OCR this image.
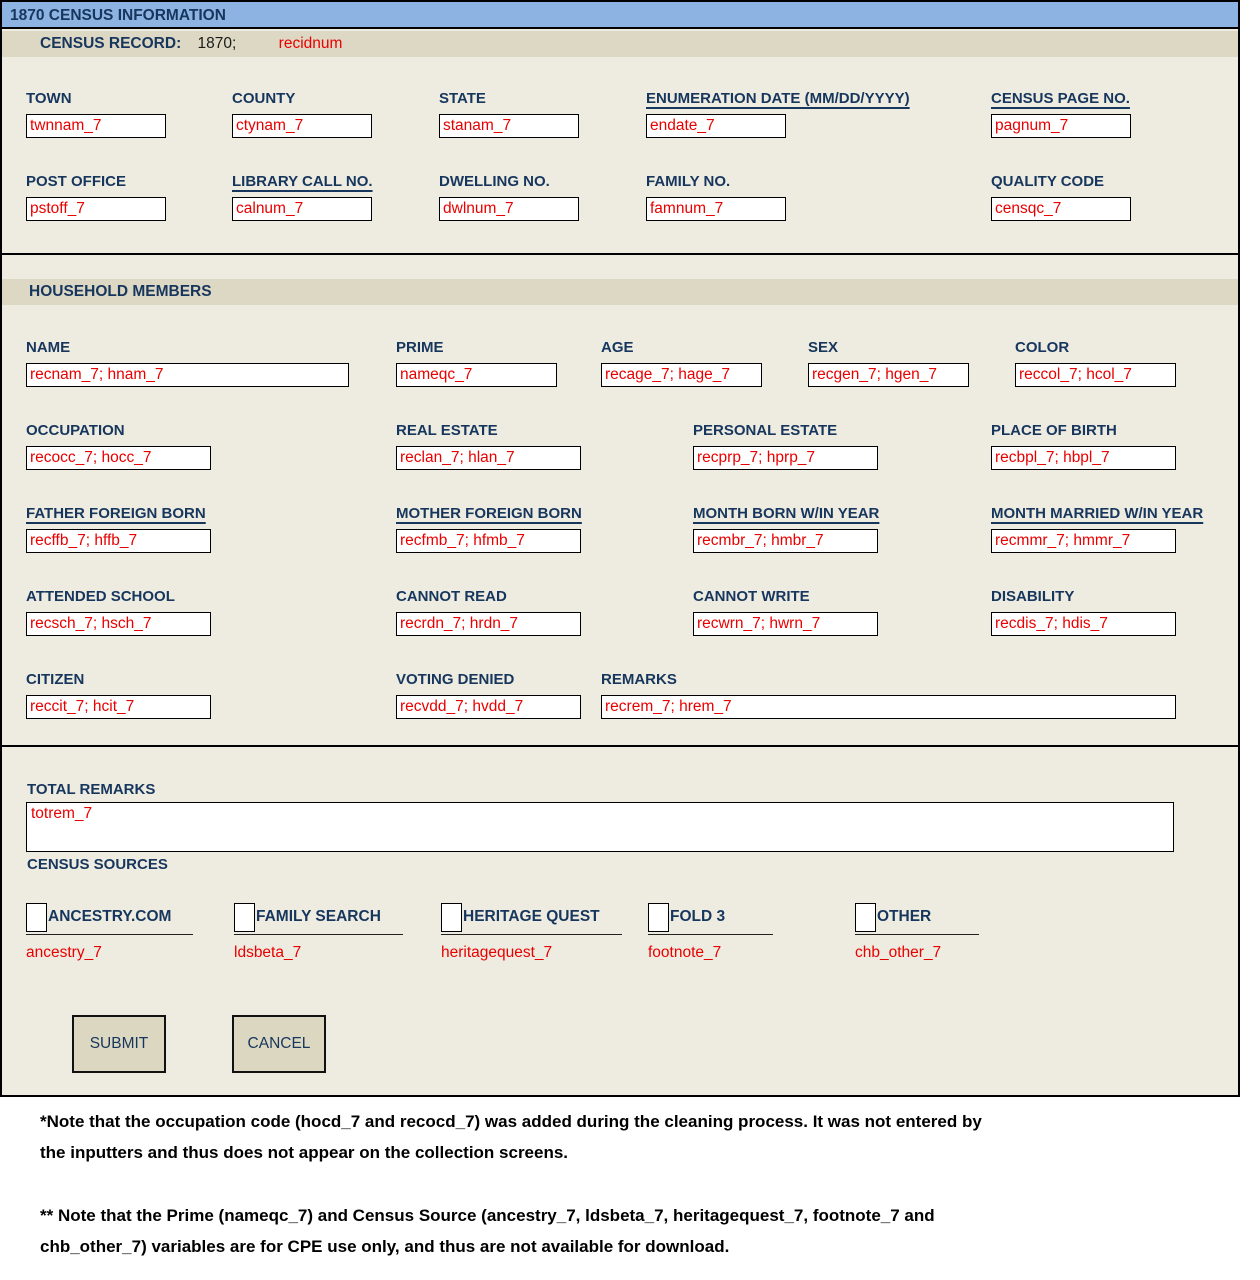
1870 CENSUS INFORMATION
CENSUS RECORD: 1870;	recidnum
TOWN
twnnam_7
COUNTY
ctynam_7
STATE
stanam_7
ENUMERATION DATE (MM/DD/YYYY)
endate_7
CENSUS PAGE NO.
pagnum_7
POST OFFICE
pstoff_7
LIBRARY CALL NO.
calnum_7
DWELLING NO.
dwlnum_7
FAMILY NO.
famnum_7
QUALITY CODE
censqc_7
HOUSEHOLD MEMBERS
NAME
recnam_7; hnam_7
PRIME
nameqc_7
AGE
recage_7; hage_7
SEX
recgen_7; hgen_7
COLOR
reccol_7; hcol_7
OCCUPATION
recocc_7; hocc_7
REAL ESTATE
reclan_7; hlan_7
PERSONAL ESTATE
recprp_7; hprp_7
PLACE OF BIRTH
recbpl_7; hbpl_7
FATHER FOREIGN BORN
recffb_7; hffb_7
MOTHER FOREIGN BORN
recfmb_7; hfmb_7
MONTH BORN W/IN YEAR
recmbr_7; hmbr_7
MONTH MARRIED W/IN YEAR
recmmr_7; hmmr_7
ATTENDED SCHOOL
recsch_7; hsch_7
CANNOT READ
recrdn_7; hrdn_7
CANNOT WRITE
recwrn_7; hwrn_7
DISABILITY
recdis_7; hdis_7
CITIZEN
reccit_7; hcit_7
VOTING DENIED
recvdd_7; hvdd_7
REMARKS
recrem_7; hrem_7
TOTAL REMARKS
totrem_7
CENSUS SOURCES
ANCESTRY.COM
ancestry_7
FAMILY SEARCH
ldsbeta_7
HERITAGE QUEST
heritagequest_7
FOLD 3
footnote_7
OTHER
chb_other_7
SUBMIT	CANCEL
*Note that the occupation code (hocd_7 and recocd_7) was added during the cleaning process. It was not entered by
the inputters and thus does not appear on the collection screens.
** Note that the Prime (nameqc_7) and Census Source (ancestry_7, ldsbeta_7, heritagequest_7, footnote_7 and
chb_other_7) variables are for CPE use only, and thus are not available for download.
